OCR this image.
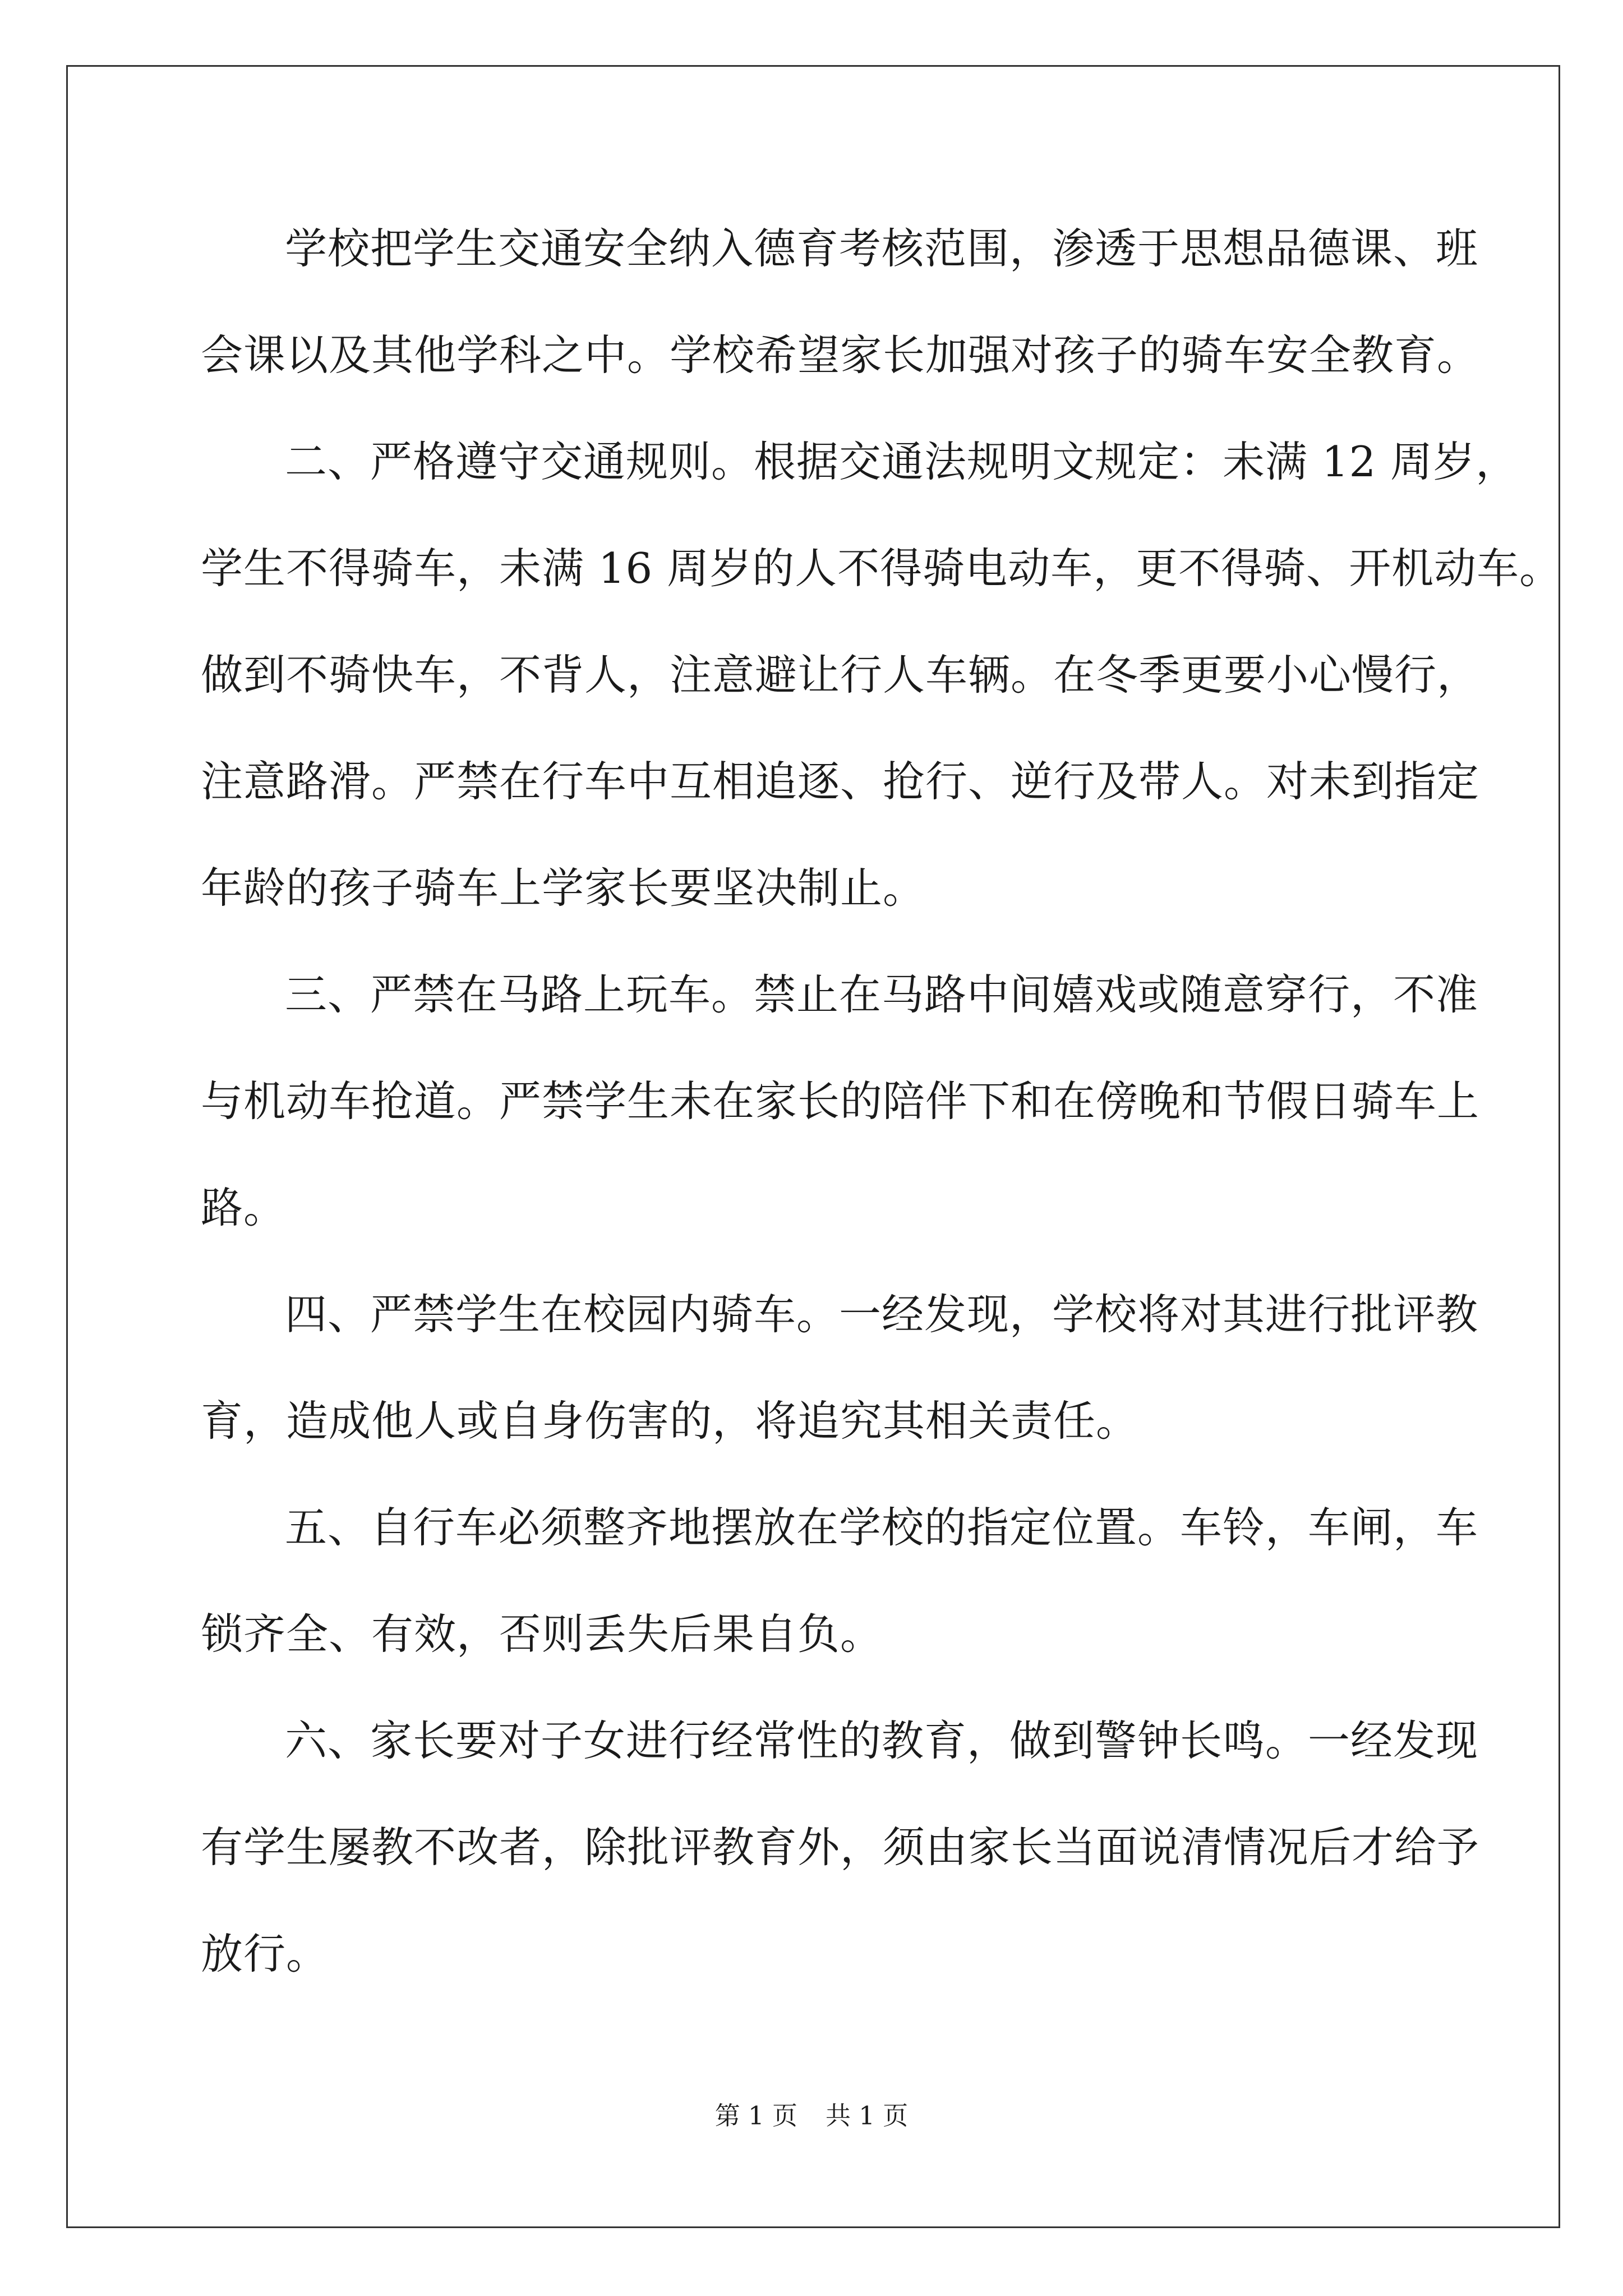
学校把学生交通安全纳入德育考核范围，渗透于思想品德课、班
会课以及其他学科之中。学校希望家长加强对孩子的骑车安全教育。
二、严格遵守交通规则。根据交通法规明文规定：未满 12 周岁，
学生不得骑车，未满 16 周岁的人不得骑电动车，更不得骑、开机动车。
做到不骑快车，不背人，注意避让行人车辆。在冬季更要小心慢行，
注意路滑。严禁在行车中互相追逐、抢行、逆行及带人。对未到指定
年龄的孩子骑车上学家长要坚决制止。
三、严禁在马路上玩车。禁止在马路中间嬉戏或随意穿行，不准
与机动车抢道。严禁学生未在家长的陪伴下和在傍晚和节假日骑车上
路。
四、严禁学生在校园内骑车。一经发现，学校将对其进行批评教
育，造成他人或自身伤害的，将追究其相关责任。
五、自行车必须整齐地摆放在学校的指定位置。车铃，车闸，车
锁齐全、有效，否则丢失后果自负。
六、家长要对子女进行经常性的教育，做到警钟长鸣。一经发现
有学生屡教不改者，除批评教育外，须由家长当面说清情况后才给予
放行。
第 1 页 共 1 页
